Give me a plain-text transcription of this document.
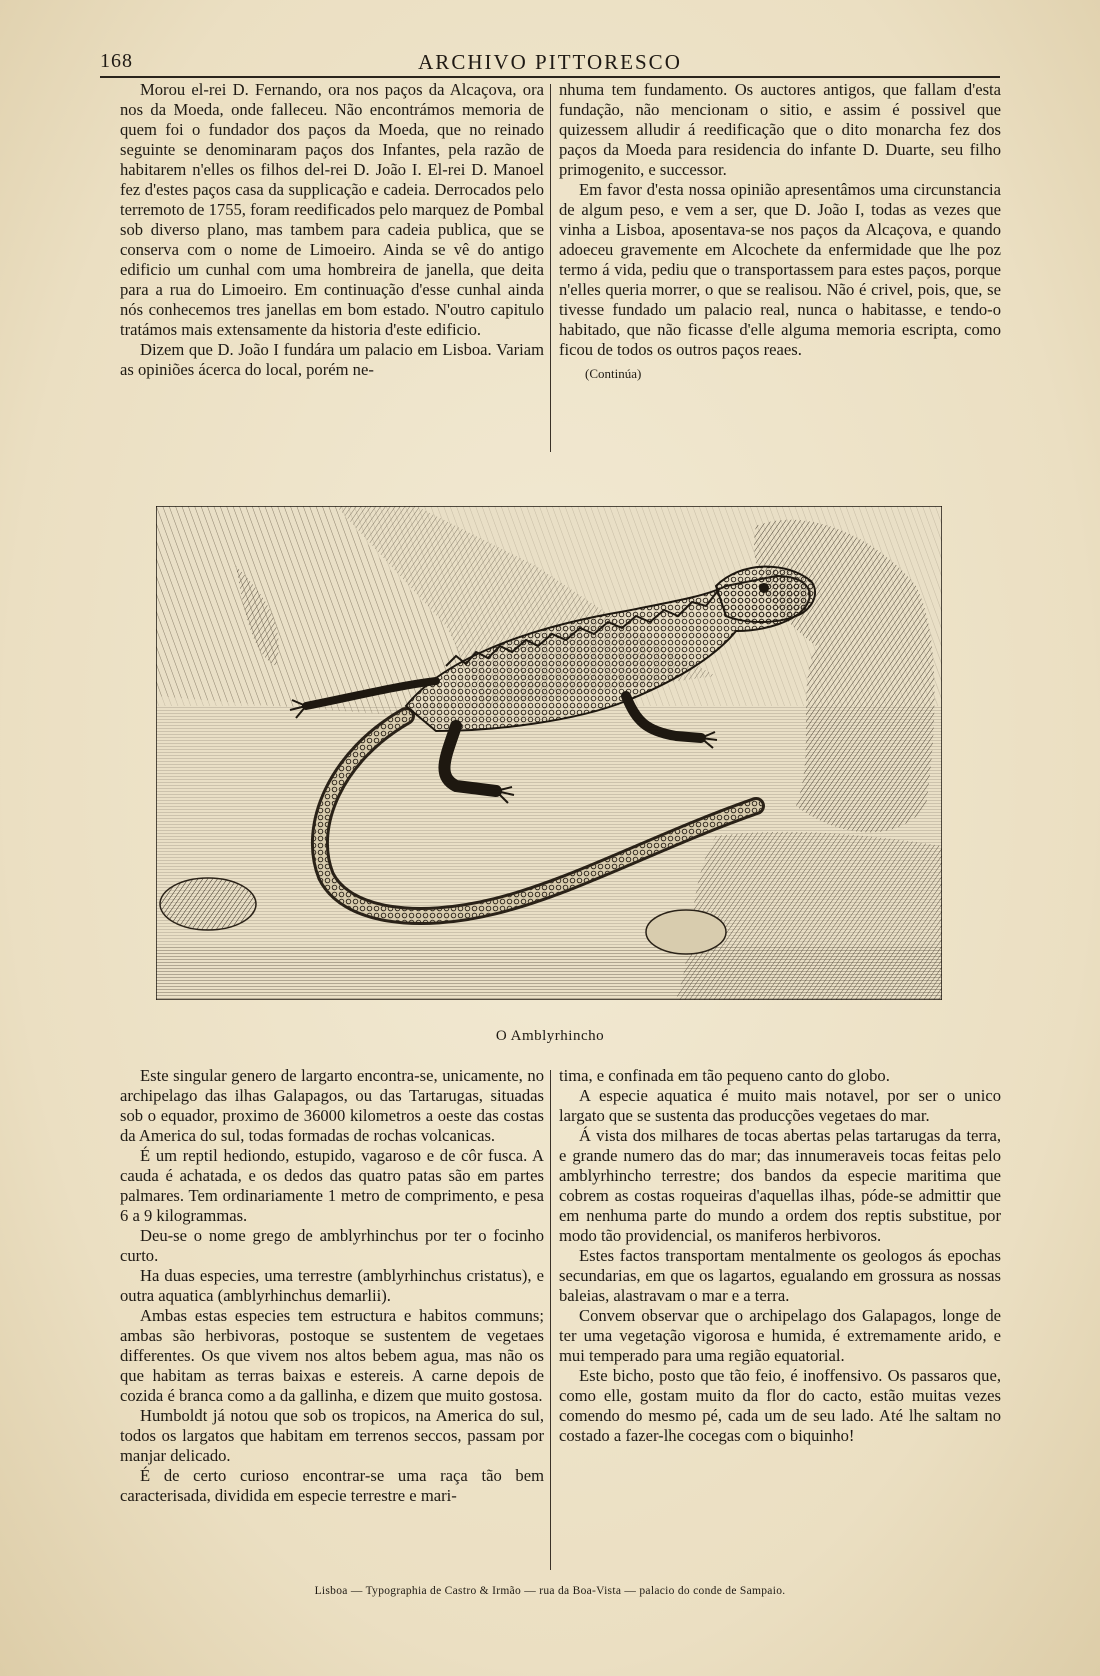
168	ARCHIVO PITTORESCO

Morou el-rei D. Fernando, ora nos paços da Alcaçova, ora nos da Moeda, onde falleceu. Não encontrámos memoria de quem foi o fundador dos paços da Moeda, que no reinado seguinte se denominaram paços dos Infantes, pela razão de habitarem n'elles os filhos del-rei D. João I. El-rei D. Manoel fez d'estes paços casa da supplicação e cadeia. Derrocados pelo terremoto de 1755, foram reedificados pelo marquez de Pombal sob diverso plano, mas tambem para cadeia publica, que se conserva com o nome de Limoeiro. Ainda se vê do antigo edificio um cunhal com uma hombreira de janella, que deita para a rua do Limoeiro. Em continuação d'esse cunhal ainda nós conhecemos tres janellas em bom estado. N'outro capitulo tratámos mais extensamente da historia d'este edificio.

Dizem que D. João I fundára um palacio em Lisboa. Variam as opiniões ácerca do local, porém ne-

nhuma tem fundamento. Os auctores antigos, que fallam d'esta fundação, não mencionam o sitio, e assim é possivel que quizessem alludir á reedificação que o dito monarcha fez dos paços da Moeda para residencia do infante D. Duarte, seu filho primogenito, e successor.

Em favor d'esta nossa opinião apresentâmos uma circunstancia de algum peso, e vem a ser, que D. João I, todas as vezes que vinha a Lisboa, aposentava-se nos paços da Alcaçova, e quando adoeceu gravemente em Alcochete da enfermidade que lhe poz termo á vida, pediu que o transportassem para estes paços, porque n'elles queria morrer, o que se realisou. Não é crivel, pois, que, se tivesse fundado um palacio real, nunca o habitasse, e tendo-o habitado, que não ficasse d'elle alguma memoria escripta, como ficou de todos os outros paços reaes.

(Continúa)
O Amblyrhincho

Este singular genero de largarto encontra-se, unicamente, no archipelago das ilhas Galapagos, ou das Tartarugas, situadas sob o equador, proximo de 36000 kilometros a oeste das costas da America do sul, todas formadas de rochas volcanicas.

É um reptil hediondo, estupido, vagaroso e de côr fusca. A cauda é achatada, e os dedos das quatro patas são em partes palmares. Tem ordinariamente 1 metro de comprimento, e pesa 6 a 9 kilogrammas.

Deu-se o nome grego de amblyrhinchus por ter o focinho curto.

Ha duas especies, uma terrestre (amblyrhinchus cristatus), e outra aquatica (amblyrhinchus demarlii).

Ambas estas especies tem estructura e habitos communs; ambas são herbivoras, postoque se sustentem de vegetaes differentes. Os que vivem nos altos bebem agua, mas não os que habitam as terras baixas e estereis. A carne depois de cozida é branca como a da gallinha, e dizem que muito gostosa.

Humboldt já notou que sob os tropicos, na America do sul, todos os largatos que habitam em terrenos seccos, passam por manjar delicado.

É de certo curioso encontrar-se uma raça tão bem caracterisada, dividida em especie terrestre e mari-

tima, e confinada em tão pequeno canto do globo.

A especie aquatica é muito mais notavel, por ser o unico largato que se sustenta das producções vegetaes do mar.

Á vista dos milhares de tocas abertas pelas tartarugas da terra, e grande numero das do mar; das innumeraveis tocas feitas pelo amblyrhincho terrestre; dos bandos da especie maritima que cobrem as costas roqueiras d'aquellas ilhas, póde-se admittir que em nenhuma parte do mundo a ordem dos reptis substitue, por modo tão providencial, os maniferos herbivoros.

Estes factos transportam mentalmente os geologos ás epochas secundarias, em que os lagartos, egualando em grossura as nossas baleias, alastravam o mar e a terra.

Convem observar que o archipelago dos Galapagos, longe de ter uma vegetação vigorosa e humida, é extremamente arido, e mui temperado para uma região equatorial.

Este bicho, posto que tão feio, é inoffensivo. Os passaros que, como elle, gostam muito da flor do cacto, estão muitas vezes comendo do mesmo pé, cada um de seu lado. Até lhe saltam no costado a fazer-lhe cocegas com o biquinho!

Lisboa — Typographia de Castro & Irmão — rua da Boa-Vista — palacio do conde de Sampaio.
